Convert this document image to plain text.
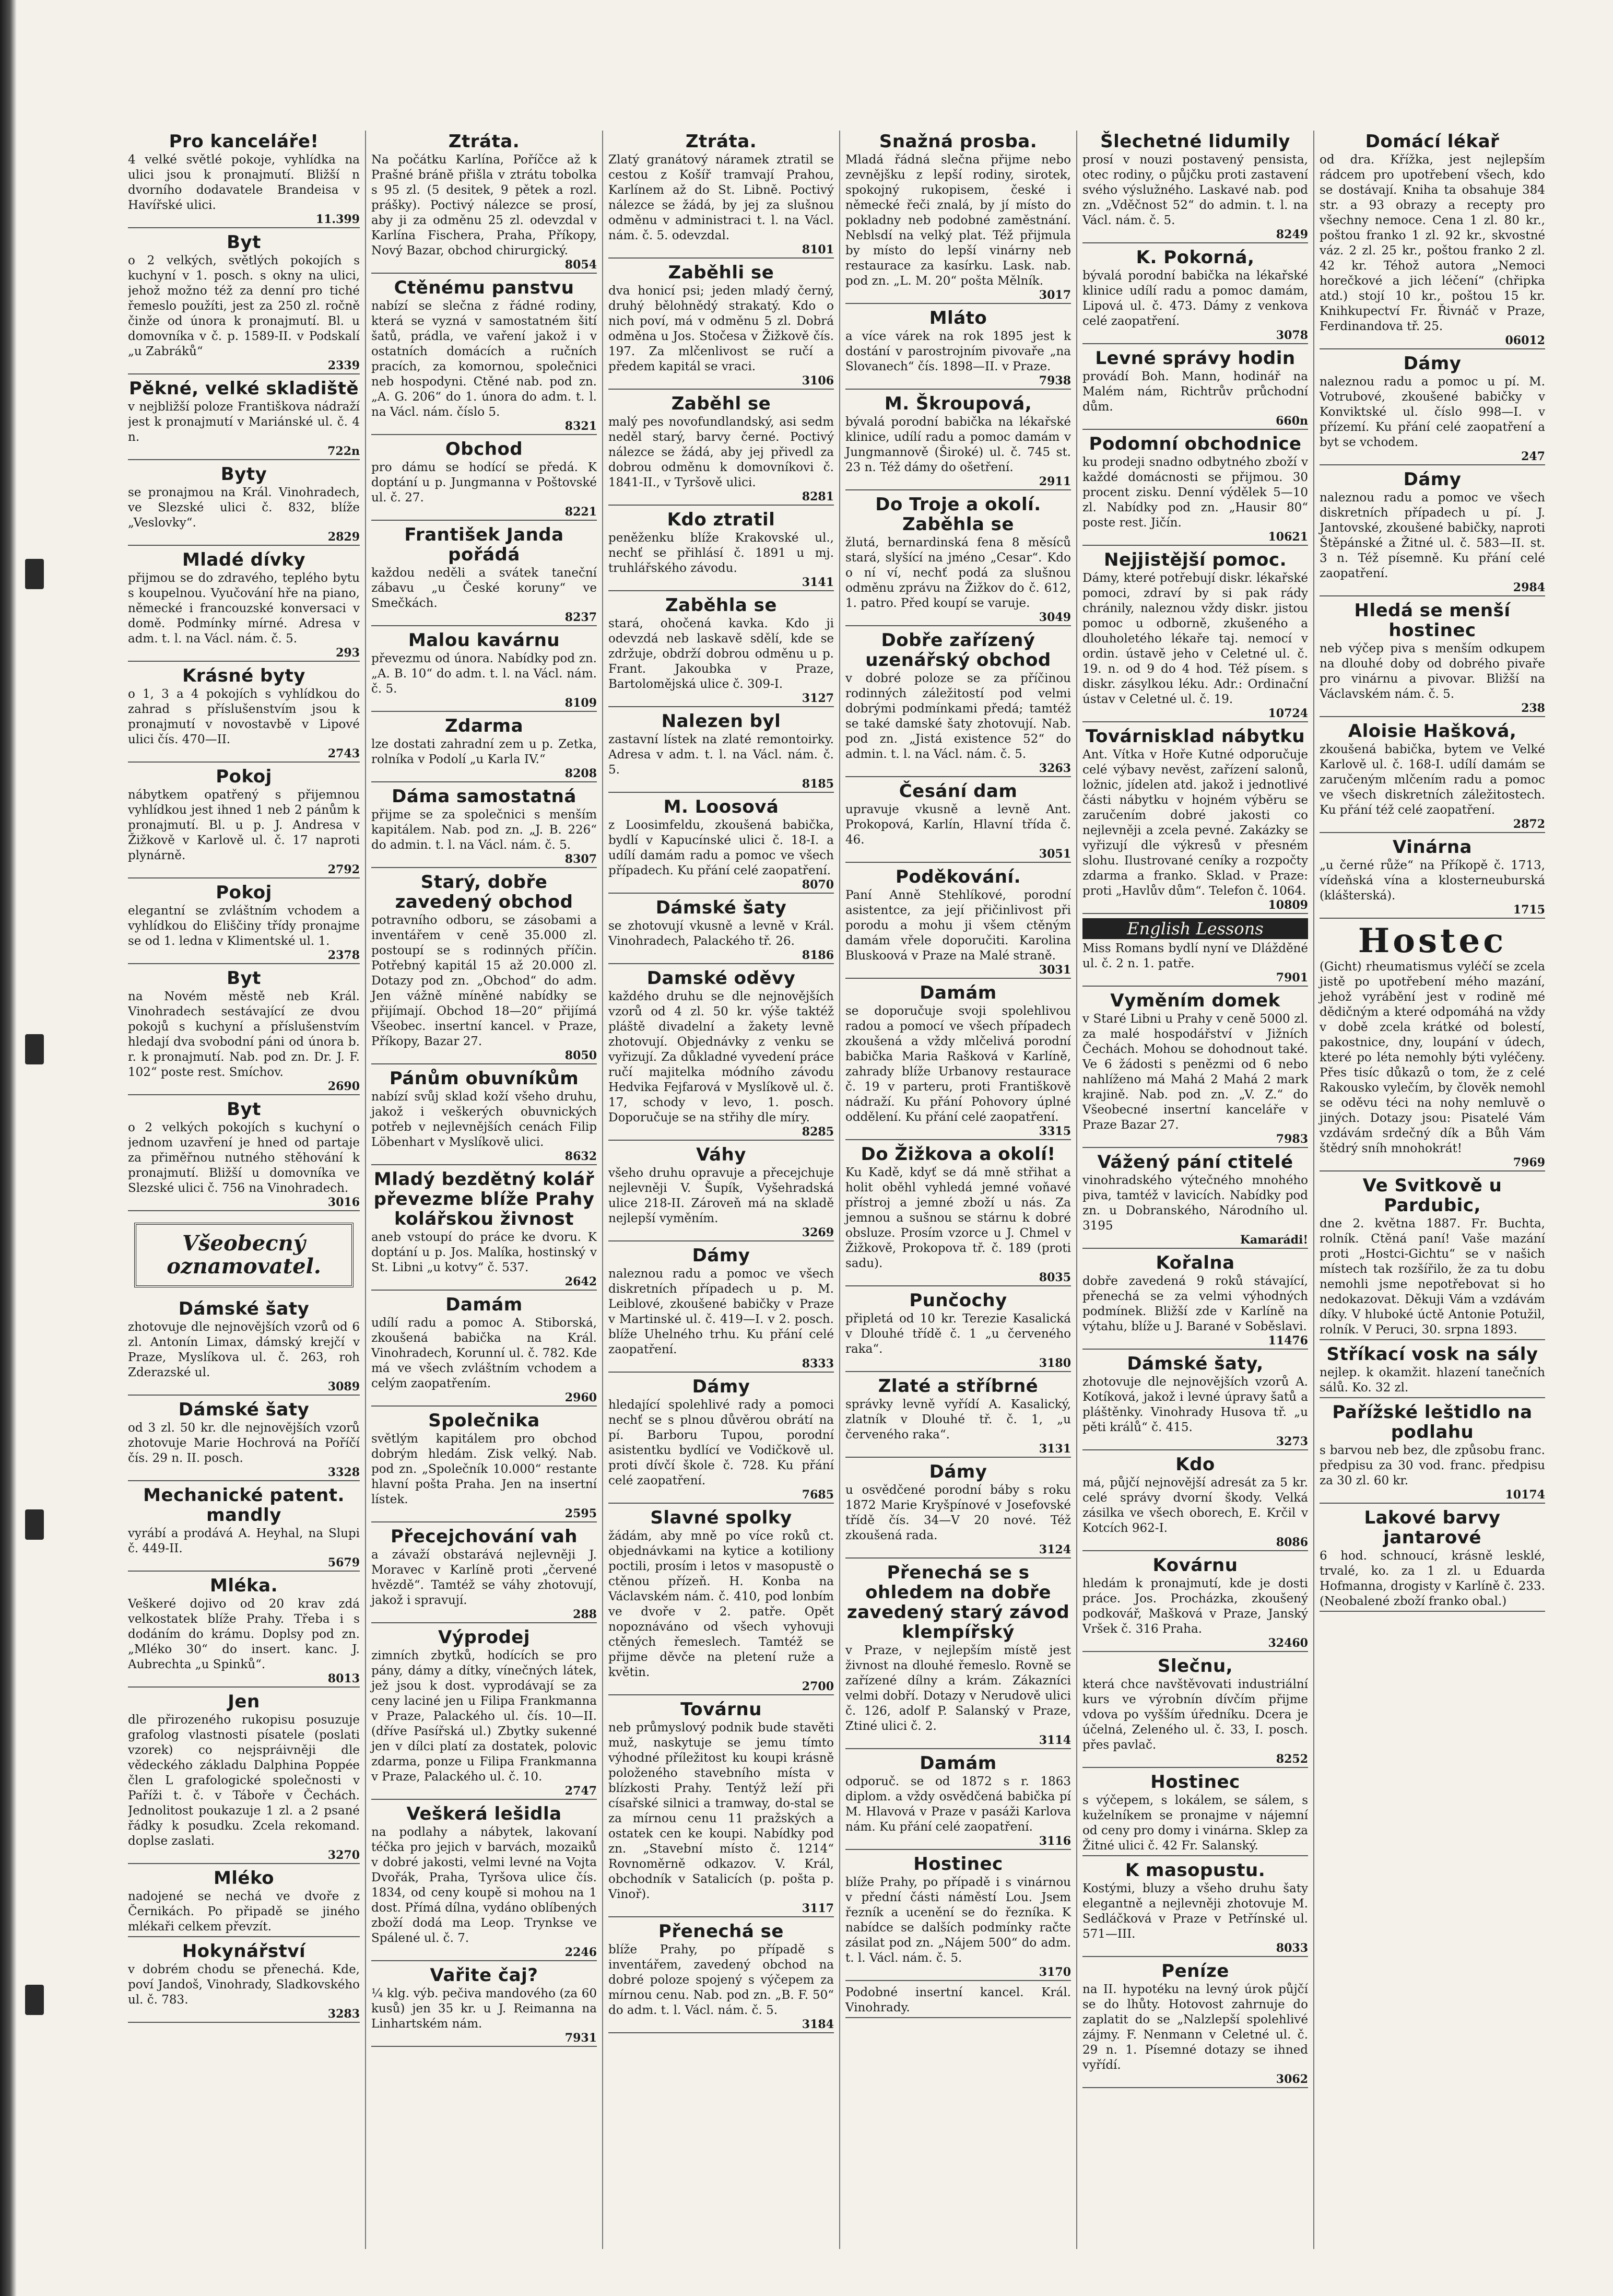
Pro kanceláře!
4 velké světlé pokoje, vyhlídka na ulici jsou k pronajmutí. Bližší n dvorního dodavatele Brandeisa v Havířské ulici.
11.399
Byt
o 2 velkých, světlých pokojích s kuchyní v 1. posch. s okny na ulici, jehož možno též za denní pro tiché řemeslo použíti, jest za 250 zl. ročně činže od února k pronajmutí. Bl. u domovníka v č. p. 1589-II. v Podskalí „u Zabráků“
2339
Pěkné, velké skladiště
v nejbližší poloze Františkova nádraží jest k pronajmutí v Mariánské ul. č. 4 n.
722n
Byty
se pronajmou na Král. Vinohradech, ve Slezské ulici č. 832, blíže „Veslovky“.
2829
Mladé dívky
přijmou se do zdravého, teplého bytu s koupelnou. Vyučování hře na piano, německé i francouzské konversaci v domě. Podmínky mírné. Adresa v adm. t. l. na Václ. nám. č. 5.
293
Krásné byty
o 1, 3 a 4 pokojích s vyhlídkou do zahrad s příslušenstvím jsou k pronajmutí v novostavbě v Lipové ulici čís. 470—II.
2743
Pokoj
nábytkem opatřený s přijemnou vyhlídkou jest ihned 1 neb 2 pánům k pronajmutí. Bl. u p. J. Andresa v Žižkově v Karlově ul. č. 17 naproti plynárně.
2792
Pokoj
elegantní se zvláštním vchodem a vyhlídkou do Eliščiny třídy pronajme se od 1. ledna v Klimentské ul. 1.
2378
Byt
na Novém městě neb Král. Vinohradech sestávající ze dvou pokojů s kuchyní a příslušenstvím hledají dva svobodní páni od února b. r. k pronajmutí. Nab. pod zn. Dr. J. F. 102“ poste rest. Smíchov.
2690
Byt
o 2 velkých pokojích s kuchyní o jednom uzavření je hned od partaje za přiměřnou nutného stěhování k pronajmutí. Bližší u domovníka ve Slezské ulici č. 756 na Vinohradech.
3016
Všeobecný oznamovatel.
Dámské šaty
zhotovuje dle nejnovějších vzorů od 6 zl. Antonín Limax, dámský krejčí v Praze, Myslíkova ul. č. 263, roh Zderazské ul.
3089
Dámské šaty
od 3 zl. 50 kr. dle nejnovějších vzorů zhotovuje Marie Hochrová na Poříčí čís. 29 n. II. posch.
3328
Mechanické patent. mandly
vyrábí a prodává A. Heyhal, na Slupi č. 449-II.
5679
Mléka.
Veškeré dojivo od 20 krav zdá velkostatek blíže Prahy. Třeba i s dodáním do krámu. Doplsy pod zn. „Mléko 30“ do insert. kanc. J. Aubrechta „u Spinků“.
8013
Jen
dle přirozeného rukopisu posuzuje grafolog vlastnosti písatele (poslati vzorek) co nejspráivněji dle vědeckého základu Dalphina Poppée člen L grafologické společnosti v Paříži t. č. v Táboře v Čechách. Jednolitost poukazuje 1 zl. a 2 psané řádky k posudku. Zcela rekomand. doplse zaslati.
3270
Mléko
nadojené se nechá ve dvoře z Černikách. Po připadě se jiného mlékaři celkem převzít.
Hokynářství
v dobrém chodu se přenechá. Kde, poví Jandoš, Vinohrady, Sladkovského ul. č. 783.
3283
Ztráta.
Na počátku Karlína, Poříčce až k Prašné bráně přišla v ztrátu tobolka s 95 zl. (5 desitek, 9 pětek a rozl. prášky). Poctivý nálezce se prosí, aby ji za odměnu 25 zl. odevzdal v Karlína Fischera, Praha, Příkopy, Nový Bazar, obchod chirurgický.
8054
Ctěnému panstvu
nabízí se slečna z řádné rodiny, která se vyzná v samostatném šití šatů, prádla, ve vaření jakož i v ostatních domácích a ručních pracích, za komornou, společnici neb hospodyni. Ctěné nab. pod zn. „A. G. 206“ do 1. února do adm. t. l. na Václ. nám. číslo 5.
8321
Obchod
pro dámu se hodící se předá. K doptání u p. Jungmanna v Poštovské ul. č. 27.
8221
František Janda pořádá
každou neděli a svátek taneční zábavu „u České koruny“ ve Smečkách.
8237
Malou kavárnu
převezmu od února. Nabídky pod zn. „A. B. 10“ do adm. t. l. na Václ. nám. č. 5.
8109
Zdarma
lze dostati zahradní zem u p. Zetka, rolníka v Podolí „u Karla IV.“
8208
Dáma samostatná
přijme se za společnici s menším kapitálem. Nab. pod zn. „J. B. 226“ do admin. t. l. na Václ. nám. č. 5.
8307
Starý, dobře zavedený obchod
potravního odboru, se zásobami a inventářem v ceně 35.000 zl. postoupí se s rodinných příčin. Potřebný kapitál 15 až 20.000 zl. Dotazy pod zn. „Obchod“ do adm. Jen vážně míněné nabídky se přijímají. Obchod 18—20“ přijímá Všeobec. insertní kancel. v Praze, Příkopy, Bazar 27.
8050
Pánům obuvníkům
nabízí svůj sklad koží všeho druhu, jakož i veškerých obuvnických potřeb v nejlevnějších cenách Filip Löbenhart v Myslíkově ulici.
8632
Mladý bezdětný kolář převezme blíže Prahy kolářskou živnost
aneb vstoupí do práce ke dvoru. K doptání u p. Jos. Malíka, hostinský v St. Libni „u kotvy“ č. 537.
2642
Damám
udílí radu a pomoc A. Stiborská, zkoušená babička na Král. Vinohradech, Korunní ul. č. 782. Kde má ve všech zvláštním vchodem a celým zaopatřením.
2960
Společnika
světlým kapitálem pro obchod dobrým hledám. Zisk velký. Nab. pod zn. „Společník 10.000“ restante hlavní pošta Praha. Jen na insertní lístek.
2595
Přecejchování vah
a závaží obstarává nejlevněji J. Moravec v Karlíně proti „červené hvězdě“. Tamtéž se váhy zhotovují, jakož i spravují.
288
Výprodej
zimních zbytků, hodících se pro pány, dámy a dítky, vínečných látek, jež jsou k dost. vyprodávají se za ceny laciné jen u Filipa Frankmanna v Praze, Palackého ul. čís. 10—II. (dříve Pasířská ul.) Zbytky sukenné jen v dílci platí za dostatek, polovic zdarma, ponze u Filipa Frankmanna v Praze, Palackého ul. č. 10.
2747
Veškerá lešidla
na podlahy a nábytek, lakovaní téčka pro jejich v barvách, mozaiků v dobré jakosti, velmi levné na Vojta Dvořák, Praha, Tyršova ulice čís. 1834, od ceny koupě si mohou na 1 dost. Přímá dílna, vydáno oblíbených zboží dodá ma Leop. Trynkse ve Spálené ul. č. 7.
2246
Vařite čaj?
¼ klg. výb. pečiva mandového (za 60 kusů) jen 35 kr. u J. Reimanna na Linhartském nám.
7931
Ztráta.
Zlatý granátový náramek ztratil se cestou z Košíř tramvají Prahou, Karlínem až do St. Libně. Poctivý nálezce se žádá, by jej za slušnou odměnu v administraci t. l. na Václ. nám. č. 5. odevzdal.
8101
Zaběhli se
dva honicí psi; jeden mladý černý, druhý bělohnědý strakatý. Kdo o nich poví, má v odměnu 5 zl. Dobrá odměna u Jos. Stočesa v Žižkově čís. 197. Za mlčenlivost se ručí a předem kapitál se vraci.
3106
Zaběhl se
malý pes novofundlandský, asi sedm neděl starý, barvy černé. Poctivý nálezce se žádá, aby jej přivedl za dobrou odměnu k domovníkovi č. 1841-II., v Tyršově ulici.
8281
Kdo ztratil
peněženku blíže Krakovské ul., nechť se přihlásí č. 1891 u mj. truhlářského závodu.
3141
Zaběhla se
stará, ohočená kavka. Kdo ji odevzdá neb laskavě sdělí, kde se zdržuje, obdrží dobrou odměnu u p. Frant. Jakoubka v Praze, Bartolomějská ulice č. 309-I.
3127
Nalezen byl
zastavní lístek na zlaté remontoirky. Adresa v adm. t. l. na Václ. nám. č. 5.
8185
M. Loosová
z Loosimfeldu, zkoušená babička, bydlí v Kapucínské ulici č. 18-I. a udílí damám radu a pomoc ve všech případech. Ku přání celé zaopatření.
8070
Dámské šaty
se zhotovují vkusně a levně v Král. Vinohradech, Palackého tř. 26.
8186
Damské oděvy
každého druhu se dle nejnovějších vzorů od 4 zl. 50 kr. výše taktéž pláště divadelní a žakety levně zhotovují. Objednávky z venku se vyřizují. Za důkladné vyvedení práce ručí majitelka módního závodu Hedvika Fejfarová v Myslíkově ul. č. 17, schody v levo, 1. posch. Doporučuje se na střihy dle míry.
8285
Váhy
všeho druhu opravuje a přecejchuje nejlevněji V. Šupík, Vyšehradská ulice 218-II. Zároveň má na skladě nejlepší vyměním.
3269
Dámy
naleznou radu a pomoc ve všech diskretních případech u p. M. Leiblové, zkoušené babičky v Praze v Martinské ul. č. 419—I. v 2. posch. blíže Uhelného trhu. Ku přání celé zaopatření.
8333
Dámy
hledající spolehlivé rady a pomoci nechť se s plnou důvěrou obrátí na pí. Barboru Tupou, porodní asistentku bydlící ve Vodičkově ul. proti dívčí škole č. 728. Ku přání celé zaopatření.
7685
Slavné spolky
žádám, aby mně po více roků ct. objednávkami na kytice a kotiliony poctili, prosím i letos v masopustě o ctěnou přízeň. H. Konba na Václavském nám. č. 410, pod lonbím ve dvoře v 2. patře. Opět nopoznáváno od všech vyhovuji ctěných řemeslech. Tamtéž se přijme děvče na pletení ruže a květin.
2700
Továrnu
neb průmyslový podnik bude stavěti muž, naskytuje se jemu tímto výhodné příležitost ku koupi krásně položeného stavebního místa v blízkosti Prahy. Tentýž leží při císařské silnici a tramway, do-stal se za mírnou cenu 11 pražských a ostatek cen ke koupi. Nabídky pod zn. „Stavební místo č. 1214“ Rovnoměrně odkazov. V. Král, obchodník v Satalicích (p. pošta p. Vinoř).
3117
Přenechá se
blíže Prahy, po případě s inventářem, zavedený obchod na dobré poloze spojený s výčepem za mírnou cenu. Nab. pod zn. „B. F. 50“ do adm. t. l. Václ. nám. č. 5.
3184
Snažná prosba.
Mladá řádná slečna přijme nebo zevnějšku z lepší rodiny, sirotek, spokojný rukopisem, české i německé řeči znalá, by jí místo do pokladny neb podobné zaměstnání. Neblsdí na velký plat. Též přijmula by místo do lepší vinárny neb restaurace za kasírku. Lask. nab. pod zn. „L. M. 20“ pošta Mělník.
3017
Mláto
a více várek na rok 1895 jest k dostání v parostrojním pivovaře „na Slovanech“ čís. 1898—II. v Praze.
7938
M. Škroupová,
bývalá porodní babička na lékařské klinice, udílí radu a pomoc damám v Jungmannově (Široké) ul. č. 745 st. 23 n. Též dámy do ošetření.
2911
Do Troje a okolí. Zaběhla se
žlutá, bernardinská fena 8 měsíců stará, slyšící na jméno „Cesar“. Kdo o ní ví, nechť podá za slušnou odměnu zprávu na Žižkov do č. 612, 1. patro. Před koupí se varuje.
3049
Dobře zařízený uzenářský obchod
v dobré poloze se za příčinou rodinných záležitostí pod velmi dobrými podmínkami předá; tamtéž se také damské šaty zhotovují. Nab. pod zn. „Jistá existence 52“ do admin. t. l. na Václ. nám. č. 5.
3263
Česání dam
upravuje vkusně a levně Ant. Prokopová, Karlín, Hlavní třída č. 46.
3051
Poděkování.
Paní Anně Stehlíkové, porodní asistentce, za její přičinlivost při porodu a mohu ji všem ctěným damám vřele doporučiti. Karolina Bluskoová v Praze na Malé straně.
3031
Damám
se doporučuje svoji spolehlivou radou a pomocí ve všech případech zkoušená a vždy mlčelivá porodní babička Maria Rašková v Karlíně, zahrady blíže Urbanovy restaurace č. 19 v parteru, proti Františkově nádraží. Ku přání Pohovory úplné oddělení. Ku přání celé zaopatření.
3315
Do Žižkova a okolí!
Ku Kadě, kdyť se dá mně střihat a holit oběhl vyhledá jemné voňavé přístroj a jemné zboží u nás. Za jemnou a sušnou se stárnu k dobré obsluze. Prosím vzorce u J. Chmel v Žižkově, Prokopova tř. č. 189 (proti sadu).
8035
Punčochy
připletá od 10 kr. Terezie Kasalická v Dlouhé třídě č. 1 „u červeného raka“.
3180
Zlaté a stříbrné
správky levně vyřídí A. Kasalický, zlatník v Dlouhé tř. č. 1, „u červeného raka“.
3131
Dámy
u osvědčené porodní báby s roku 1872 Marie Kryšpínové v Josefovské třídě čís. 34—V 20 nové. Též zkoušená rada.
3124
Přenechá se s ohledem na dobře zavedený starý závod klempířský
v Praze, v nejlepším místě jest živnost na dlouhé řemeslo. Rovně se zařízené dílny a krám. Zákazníci velmi dobří. Dotazy v Nerudově ulici č. 126, adolf P. Salanský v Praze, Ztiné ulici č. 2.
3114
Damám
odporuč. se od 1872 s r. 1863 diplom. a vždy osvědčená babička pí M. Hlavová v Praze v pasáži Karlova nám. Ku přání celé zaopatření.
3116
Hostinec
blíže Prahy, po případě i s vinárnou v přední části náměstí Lou. Jsem řezník a ucenění se do řezníka. K nabídce se dalších podmínky račte zásilat pod zn. „Nájem 500“ do adm. t. l. Václ. nám. č. 5.
3170
Podobné insertní kancel. Král. Vinohrady.
Šlechetné lidumily
prosí v nouzi postavený pensista, otec rodiny, o půjčku proti zastavení svého výslužného. Laskavé nab. pod zn. „Vděčnost 52“ do admin. t. l. na Václ. nám. č. 5.
8249
K. Pokorná,
bývalá porodní babička na lékařské klinice udílí radu a pomoc damám, Lipová ul. č. 473. Dámy z venkova celé zaopatření.
3078
Levné správy hodin
provádí Boh. Mann, hodinář na Malém nám, Richtrův průchodní dům.
660n
Podomní obchodnice
ku prodeji snadno odbytného zboží v každé domácnosti se přijmou. 30 procent zisku. Denní výdělek 5—10 zl. Nabídky pod zn. „Hausir 80“ poste rest. Jičín.
10621
Nejjistější pomoc.
Dámy, které potřebují diskr. lékařské pomoci, zdraví by si pak rády chránily, naleznou vždy diskr. jistou pomoc u odborně, zkušeného a dlouholetého lékaře taj. nemocí v ordin. ústavě jeho v Celetné ul. č. 19. n. od 9 do 4 hod. Též písem. s diskr. zásylkou léku. Adr.: Ordinační ústav v Celetné ul. č. 19.
10724
Továrnisklad nábytku
Ant. Vítka v Hoře Kutné odporučuje celé výbavy nevěst, zařízení salonů, ložnic, jídelen atd. jakož i jednotlivé části nábytku v hojném výběru se zaručením dobré jakosti co nejlevněji a zcela pevné. Zakázky se vyřizují dle výkresů v přesném slohu. Ilustrované ceníky a rozpočty zdarma a franko. Sklad. v Praze: proti „Havlův dům“. Telefon č. 1064.
10809
English Lessons
Miss Romans bydlí nyní ve Dlážděné ul. č. 2 n. 1. patře.
7901
Vyměním domek
v Staré Libni u Prahy v ceně 5000 zl. za malé hospodářství v Jižních Čechách. Mohou se dohodnout také. Ve 6 žádosti s penězmi od 6 nebo nahlíženo má Mahá 2 Mahá 2 mark krajině. Nab. pod zn. „V. Z.“ do Všeobecné insertní kanceláře v Praze Bazar 27.
7983
Vážený pání ctitelé
vinohradského výtečného mnohého piva, tamtéž v lavicích. Nabídky pod zn. u Dobranského, Národního ul. 3195
Kamarádi!
Kořalna
dobře zavedená 9 roků stávající, přenechá se za velmi výhodných podmínek. Bližší zde v Karlíně na výtahu, blíže u J. Barané v Soběslavi.
11476
Dámské šaty,
zhotovuje dle nejnovějších vzorů A. Kotíková, jakož i levné úpravy šatů a pláštěnky. Vinohrady Husova tř. „u pěti králů“ č. 415.
3273
Kdo
má, půjčí nejnovější adresát za 5 kr. celé správy dvorní škody. Velká zásilka ve všech oborech, E. Krčil v Kotcích 962-I.
8086
Kovárnu
hledám k pronajmutí, kde je dosti práce. Jos. Procházka, zkoušený podkovář, Mašková v Praze, Janský Vršek č. 316 Praha.
32460
Slečnu,
která chce navštěvovati industriální kurs ve výrobnín dívčím přijme vdova po vyšším úředníku. Dcera je účelná, Zeleného ul. č. 33, I. posch. přes pavlač.
8252
Hostinec
s výčepem, s lokálem, se sálem, s kuželníkem se pronajme v nájemní od ceny pro domy i vinárna. Sklep za Žitné ulici č. 42 Fr. Salanský.
K masopustu.
Kostými, bluzy a všeho druhu šaty elegantně a nejlevněji zhotovuje M. Sedláčková v Praze v Petřínské ul. 571—III.
8033
Peníze
na II. hypotéku na levný úrok půjčí se do lhůty. Hotovost zahrnuje do zaplatit do se „Nalzlepší spolehlivé zájmy. F. Nenmann v Celetné ul. č. 29 n. 1. Písemné dotazy se ihned vyřídí.
3062
Domácí lékař
od dra. Křížka, jest nejlepším rádcem pro upotřebení všech, kdo se dostávají. Kniha ta obsahuje 384 str. a 93 obrazy a recepty pro všechny nemoce. Cena 1 zl. 80 kr., poštou franko 1 zl. 92 kr., skvostné váz. 2 zl. 25 kr., poštou franko 2 zl. 42 kr. Téhož autora „Nemoci horečkové a jich léčení“ (chřipka atd.) stojí 10 kr., poštou 15 kr. Knihkupectví Fr. Řivnáč v Praze, Ferdinandova tř. 25.
06012
Dámy
naleznou radu a pomoc u pí. M. Votrubové, zkoušené babičky v Konviktské ul. číslo 998—I. v přízemí. Ku přání celé zaopatření a byt se vchodem.
247
Dámy
naleznou radu a pomoc ve všech diskretních případech u pí. J. Jantovské, zkoušené babičky, naproti Štěpánské a Žitné ul. č. 583—II. st. 3 n. Též písemně. Ku přání celé zaopatření.
2984
Hledá se menší hostinec
neb výčep piva s menším odkupem na dlouhé doby od dobrého pivaře pro vinárnu a pivovar. Bližší na Václavském nám. č. 5.
238
Aloisie Hašková,
zkoušená babička, bytem ve Velké Karlově ul. č. 168-I. udílí damám se zaručeným mlčením radu a pomoc ve všech diskretních záležitostech. Ku přání též celé zaopatření.
2872
Vinárna
„u černé růže“ na Příkopě č. 1713, vídeňská vína a klosterneuburská (klášterská).
1715
Hostec
(Gicht) rheumatismus vyléčí se zcela jistě po upotřebení mého mazání, jehož vyrábění jest v rodině mé dědičným a které odpomáhá na vždy v době zcela krátké od bolestí, pakostnice, dny, loupání v údech, které po léta nemohly býti vyléčeny. Přes tisíc důkazů o tom, že z celé Rakousko vylečím, by člověk nemohl se oděvu téci na nohy nemluvě o jiných. Dotazy jsou: Pisatelé Vám vzdávám srdečný dík a Bůh Vám štědrý sníh mnohokrát!
7969
Ve Svitkově u Pardubic,
dne 2. května 1887. Fr. Buchta, rolník. Ctěná paní! Vaše mazání proti „Hostci-Gichtu“ se v našich místech tak rozšířilo, že za tu dobu nemohli jsme nepotřebovat si ho nedokazovat. Děkuji Vám a vzdávám díky. V hluboké úctě Antonie Potužil, rolník. V Peruci, 30. srpna 1893.
Stříkací vosk na sály
nejlep. k okamžit. hlazení tanečních sálů. Ko. 32 zl.
Pařížské leštidlo na podlahu
s barvou neb bez, dle způsobu franc. předpisu za 30 vod. franc. předpisu za 30 zl. 60 kr.
10174
Lakové barvy jantarové
6 hod. schnoucí, krásně lesklé, trvalé, ko. za 1 zl. u Eduarda Hofmanna, drogisty v Karlíně č. 233. (Neobalené zboží franko obal.)
